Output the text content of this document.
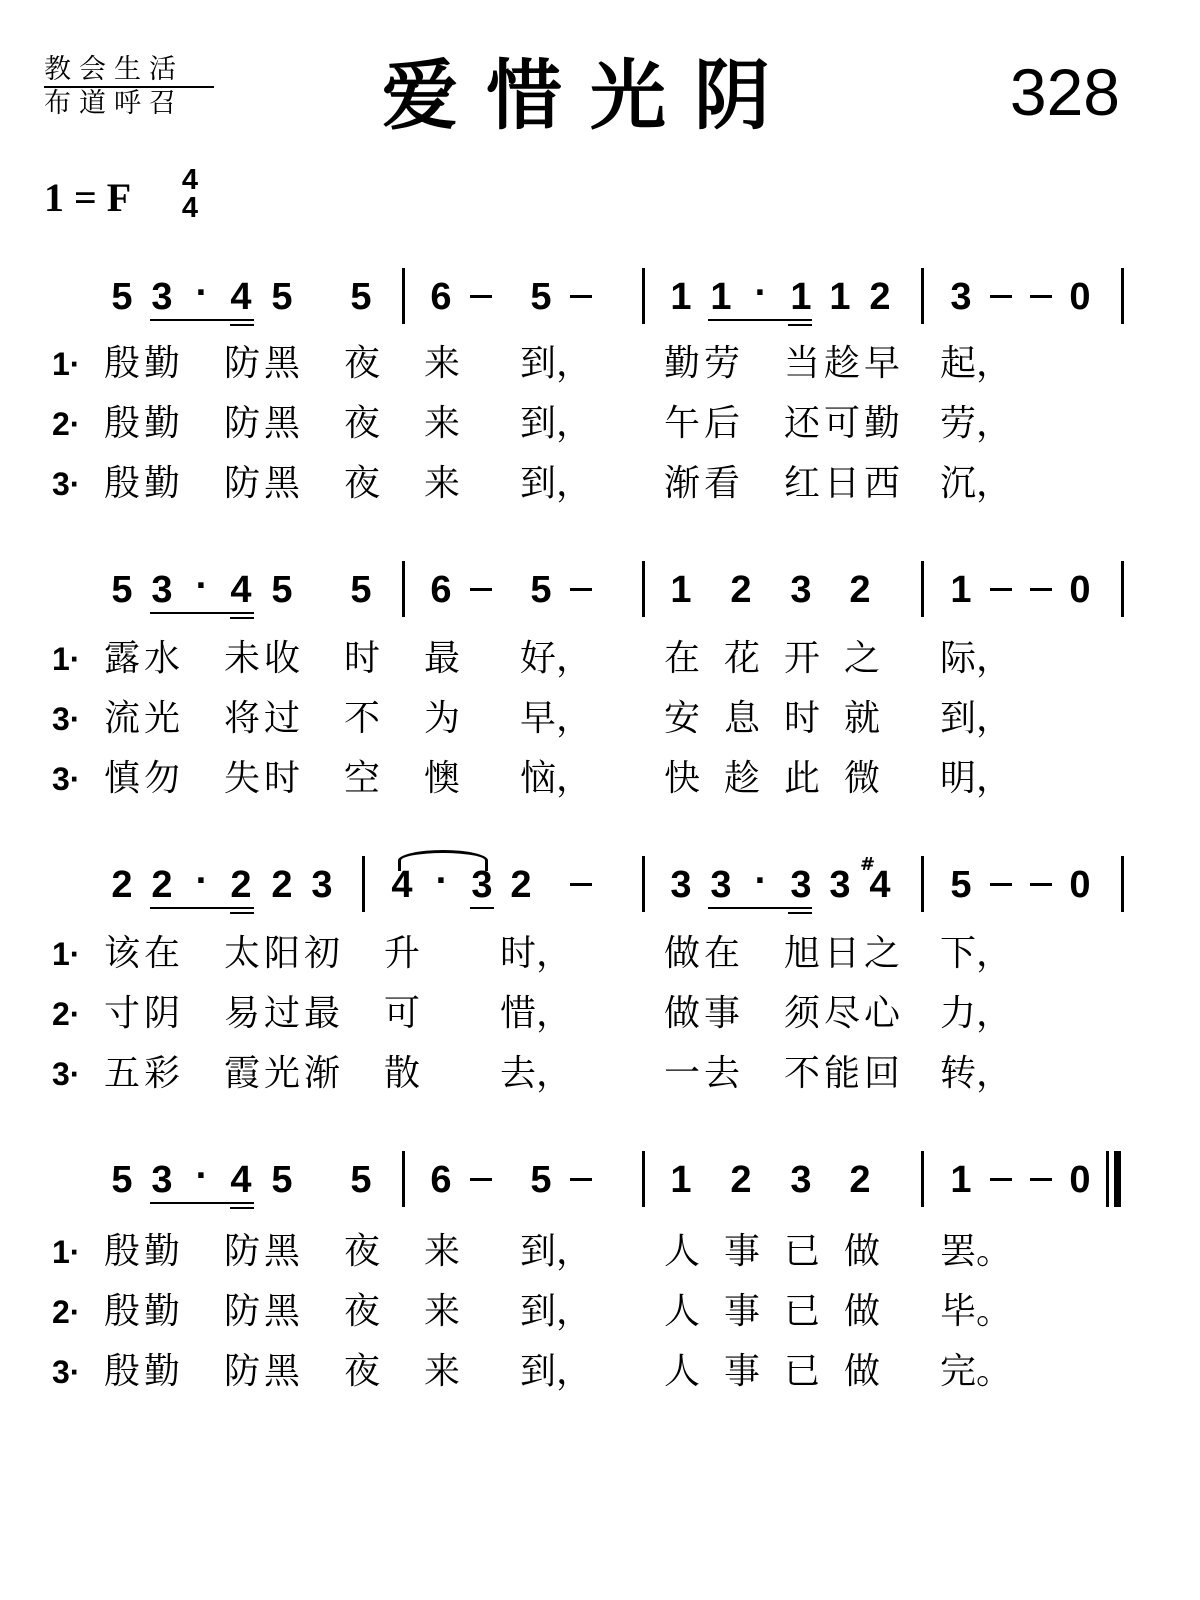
教会生活
布道呼召	爱惜光阴	328
1 = F 4
4
5 3 · 4 5 5 6 5	1 1 · 1 1 2 3	0
1· 殷 勤 防 黑 夜 来 到， 勤 劳 当 趁 早 起，
2· 殷 勤 防 黑 夜 来 到， 午 后 还 可 勤 劳，
3· 殷 勤 防 黑 夜 来 到， 渐 看 红 日 西 沉，
5 3 · 4 5 5 6 5	1 2 3 2 1	0
1· 露 水 未 收 时 最 好， 在 花 开 之 际，
3· 流 光 将 过 不 为 早， 安 息 时 就 到，
3· 慎 勿 失 时 空 懊 恼， 快 趁 此 微 明，
2 2 · 2 2 3 4 · 3 2	3 3 · 3 3 4 5	0
#
1· 该 在 太 阳 初 升 时，	做 在 旭 日 之 下，
2· 寸 阴 易 过 最 可 惜，	做 事 须 尽 心 力，
3· 五 彩 霞 光 渐 散 去，	一 去 不 能 回 转，
5 3 · 4 5 5 6 5	1 2 3 2 1	0
1· 殷 勤 防 黑 夜 来 到， 人 事 已 做 罢。
2· 殷 勤 防 黑 夜 来 到， 人 事 已 做 毕。
3· 殷 勤 防 黑 夜 来 到， 人 事 已 做 完。
